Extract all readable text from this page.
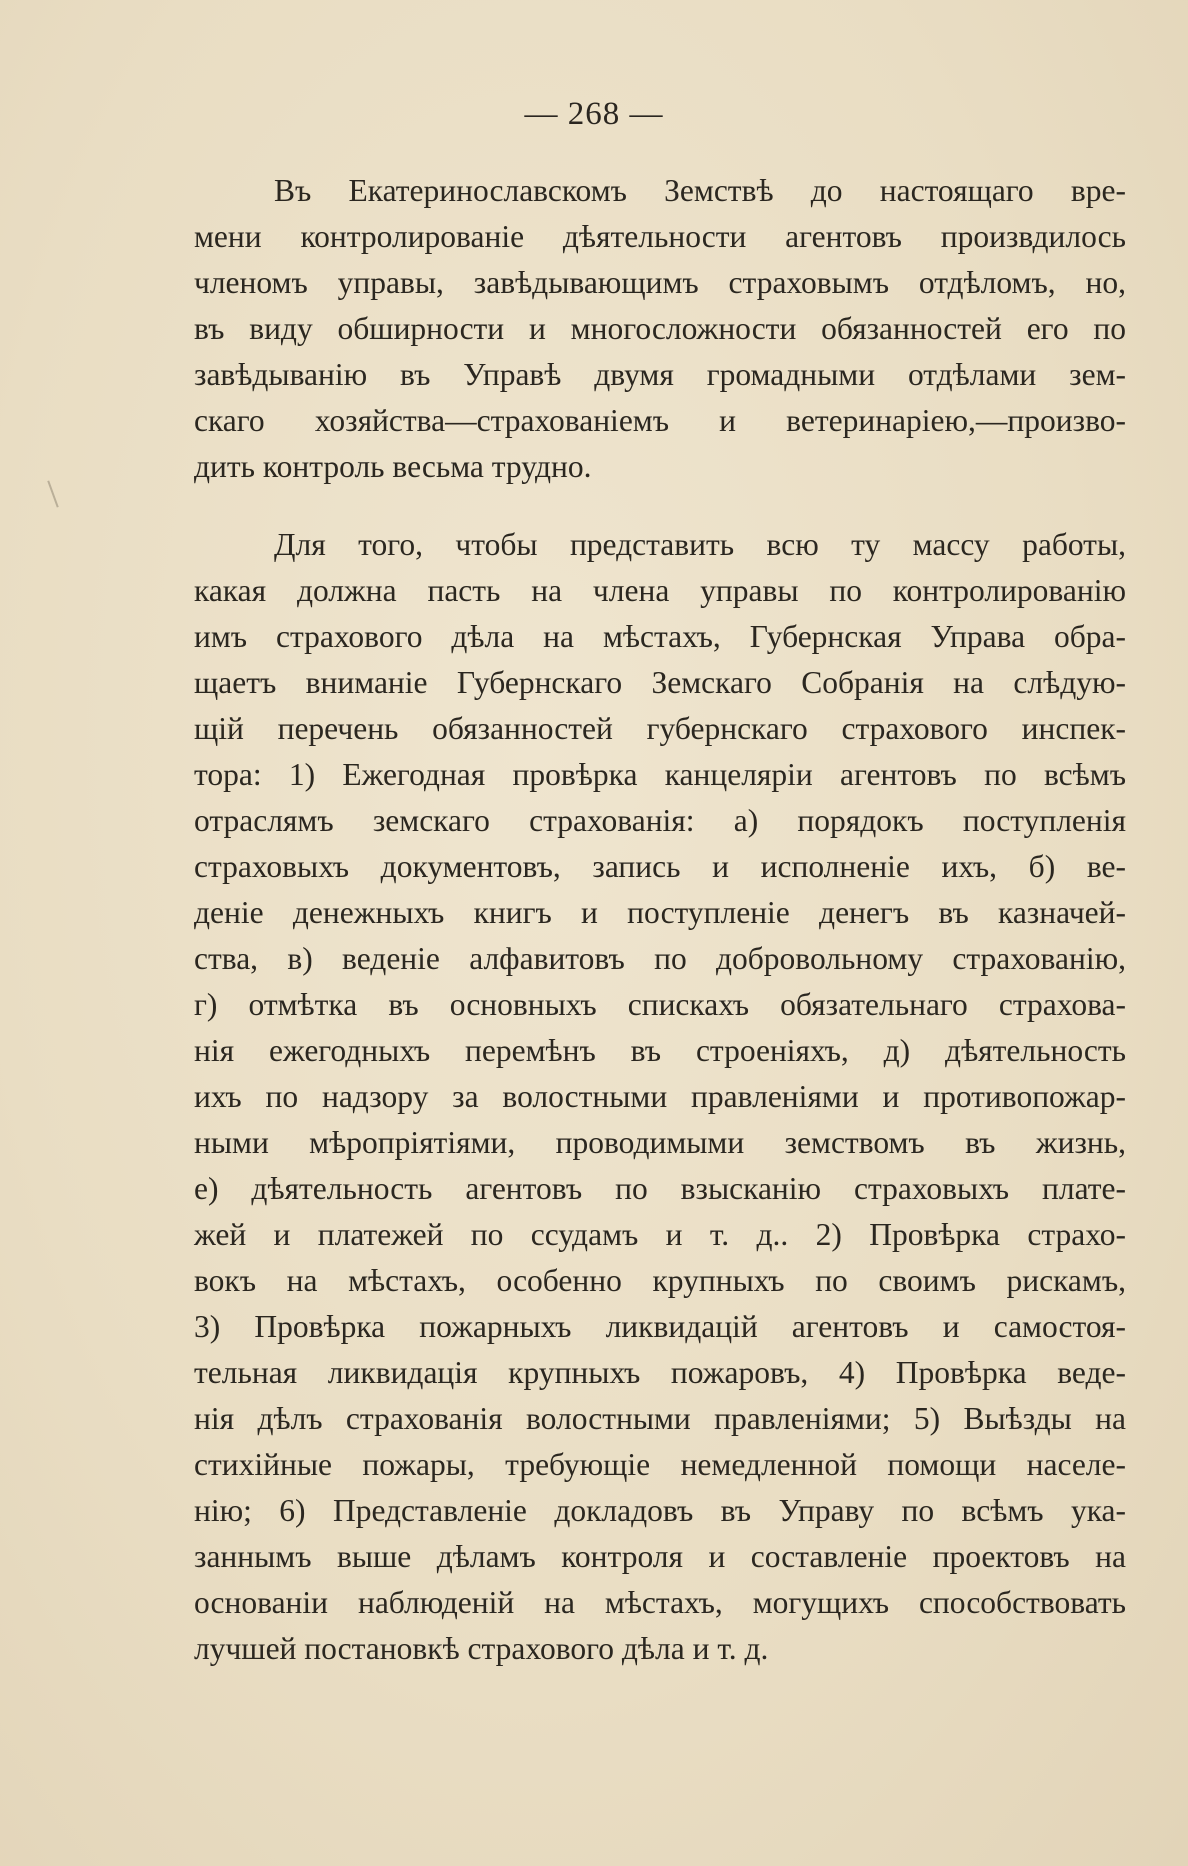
— 268 —
Въ Екатеринославскомъ Земствѣ до настоящаго вре-
мени контролированіе дѣятельности агентовъ произвдилось
членомъ управы, завѣдывающимъ страховымъ отдѣломъ, но,
въ виду обширности и многосложности обязанностей его по
завѣдыванію въ Управѣ двумя громадными отдѣлами зем-
скаго хозяйства—страхованіемъ и ветеринаріею,—произво-
дить контроль весьма трудно.
Для того, чтобы представить всю ту массу работы,
какая должна пасть на члена управы по контролированію
имъ страхового дѣла на мѣстахъ, Губернская Управа обра-
щаетъ вниманіе Губернскаго Земскаго Собранія на слѣдую-
щій перечень обязанностей губернскаго страхового инспек-
тора: 1) Ежегодная провѣрка канцеляріи агентовъ по всѣмъ
отраслямъ земскаго страхованія: а) порядокъ поступленія
страховыхъ документовъ, запись и исполненіе ихъ, б) ве-
деніе денежныхъ книгъ и поступленіе денегъ въ казначей-
ства, в) веденіе алфавитовъ по добровольному страхованію,
г) отмѣтка въ основныхъ спискахъ обязательнаго страхова-
нія ежегодныхъ перемѣнъ въ строеніяхъ, д) дѣятельность
ихъ по надзору за волостными правленіями и противопожар-
ными мѣропріятіями, проводимыми земствомъ въ жизнь,
е) дѣятельность агентовъ по взысканію страховыхъ плате-
жей и платежей по ссудамъ и т. д.. 2) Провѣрка страхо-
вокъ на мѣстахъ, особенно крупныхъ по своимъ рискамъ,
3) Провѣрка пожарныхъ ликвидацій агентовъ и самостоя-
тельная ликвидація крупныхъ пожаровъ, 4) Провѣрка веде-
нія дѣлъ страхованія волостными правленіями; 5) Выѣзды на
стихійные пожары, требующіе немедленной помощи населе-
нію; 6) Представленіе докладовъ въ Управу по всѣмъ ука-
заннымъ выше дѣламъ контроля и составленіе проектовъ на
основаніи наблюденій на мѣстахъ, могущихъ способствовать
лучшей постановкѣ страхового дѣла и т. д.
